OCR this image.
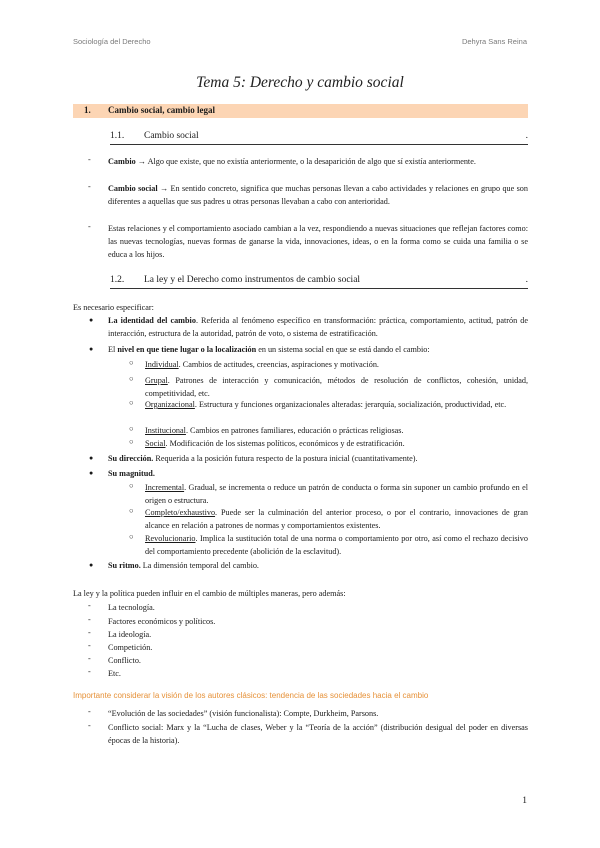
Sociología del Derecho	Dehyra Sans Reina
Tema 5: Derecho y cambio social
1. Cambio social, cambio legal
1.1. Cambio social	.
- Cambio → Algo que existe, que no existía anteriormente, o la desaparición de algo que sí existía anteriormente.
- Cambio social → En sentido concreto, significa que muchas personas llevan a cabo actividades y relaciones en grupo que son diferentes a aquellas que sus padres u otras personas llevaban a cabo con anterioridad.
- Estas relaciones y el comportamiento asociado cambian a la vez, respondiendo a nuevas situaciones que reflejan factores como: las nuevas tecnologías, nuevas formas de ganarse la vida, innovaciones, ideas, o en la forma como se cuida una familia o se educa a los hijos.
1.2. La ley y el Derecho como instrumentos de cambio social	.
Es necesario especificar:
● La identidad del cambio. Referida al fenómeno específico en transformación: práctica, comportamiento, actitud, patrón de interacción, estructura de la autoridad, patrón de voto, o sistema de estratificación.
● El nivel en que tiene lugar o la localización en un sistema social en que se está dando el cambio:
○ Individual. Cambios de actitudes, creencias, aspiraciones y motivación.
○ Grupal. Patrones de interacción y comunicación, métodos de resolución de conflictos, cohesión, unidad, competitividad, etc.
○ Organizacional. Estructura y funciones organizacionales alteradas: jerarquía, socialización, productividad, etc.
○ Institucional. Cambios en patrones familiares, educación o prácticas religiosas.
○ Social. Modificación de los sistemas políticos, económicos y de estratificación.
● Su dirección. Requerida a la posición futura respecto de la postura inicial (cuantitativamente).
● Su magnitud.
○ Incremental. Gradual, se incrementa o reduce un patrón de conducta o forma sin suponer un cambio profundo en el origen o estructura.
○ Completo/exhaustivo. Puede ser la culminación del anterior proceso, o por el contrario, innovaciones de gran alcance en relación a patrones de normas y comportamientos existentes.
○ Revolucionario. Implica la sustitución total de una norma o comportamiento por otro, así como el rechazo decisivo del comportamiento precedente (abolición de la esclavitud).
● Su ritmo. La dimensión temporal del cambio.
La ley y la política pueden influir en el cambio de múltiples maneras, pero además:
- La tecnología.
- Factores económicos y políticos.
- La ideología.
- Competición.
- Conflicto.
- Etc.
Importante considerar la visión de los autores clásicos: tendencia de las sociedades hacia el cambio
- “Evolución de las sociedades” (visión funcionalista): Compte, Durkheim, Parsons.
- Conflicto social: Marx y la “Lucha de clases, Weber y la “Teoría de la acción” (distribución desigual del poder en diversas épocas de la historia).
1
